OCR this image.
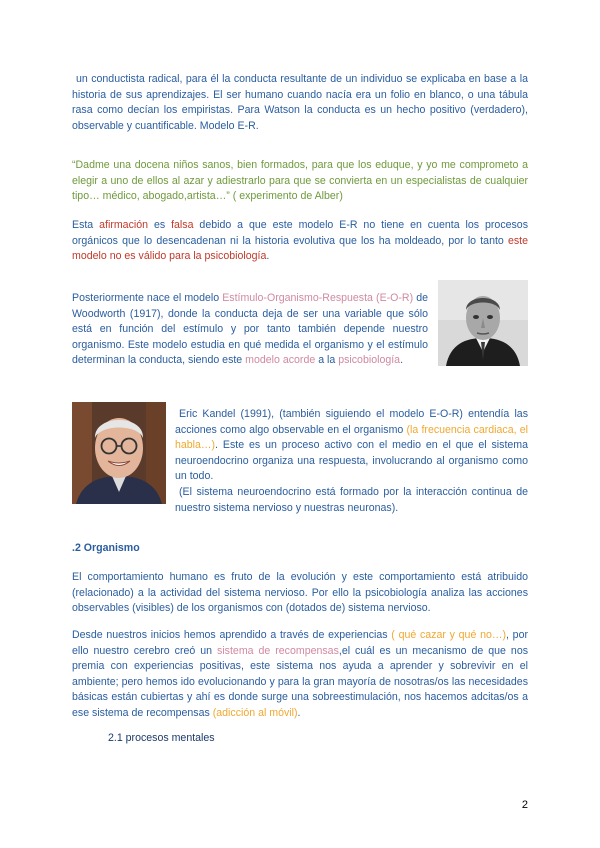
un conductista radical, para él la conducta resultante de un individuo se explicaba en base a la historia de sus aprendizajes. El ser humano cuando nacía era un folio en blanco, o una tábula rasa como decían los empiristas. Para Watson la conducta es un hecho positivo (verdadero), observable y cuantificable. Modelo E-R.

“Dadme una docena niños sanos, bien formados, para que los eduque, y yo me comprometo a elegir a uno de ellos al azar y adiestrarlo para que se convierta en un especialistas de cualquier tipo… médico, abogado,artista…” ( experimento de Alber)

Esta afirmación es falsa debido a que este modelo E-R no tiene en cuenta los procesos orgánicos que lo desencadenan ni la historia evolutiva que los ha moldeado, por lo tanto este modelo no es válido para la psicobiología.

Posteriormente nace el modelo Estímulo-Organismo-Respuesta (E-O-R) de Woodworth (1917), donde la conducta deja de ser una variable que sólo está en función del estímulo y por tanto también depende nuestro organismo. Este modelo estudia en qué medida el organismo y el estímulo determinan la conducta, siendo este modelo acorde a la psicobiología.

Eric Kandel (1991), (también siguiendo el modelo E-O-R) entendía las acciones como algo observable en el organismo (la frecuencia cardiaca, el habla…). Este es un proceso activo con el medio en el que el sistema neuroendocrino organiza una respuesta, involucrando al organismo como un todo.
(El sistema neuroendocrino está formado por la interacción continua de nuestro sistema nervioso y nuestras neuronas).
.2 Organismo

El comportamiento humano es fruto de la evolución y este comportamiento está atribuido (relacionado) a la actividad del sistema nervioso. Por ello la psicobiología analiza las acciones observables (visibles) de los organismos con (dotados de) sistema nervioso.

Desde nuestros inicios hemos aprendido a través de experiencias ( qué cazar y qué no…), por ello nuestro cerebro creó un sistema de recompensas,el cuál es un mecanismo de que nos premia con experiencias positivas, este sistema nos ayuda a aprender y sobrevivir en el ambiente; pero hemos ido evolucionando y para la gran mayoría de nosotras/os las necesidades básicas están cubiertas y ahí es donde surge una sobreestimulación, nos hacemos adcitas/os a ese sistema de recompensas (adicción al móvil).

2.1 procesos mentales
2
